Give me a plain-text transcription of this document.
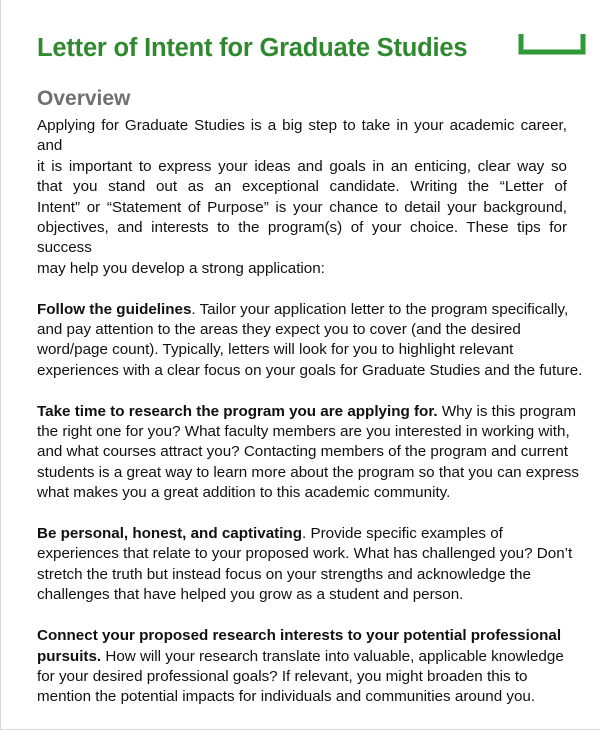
Letter of Intent for Graduate Studies
Overview

Applying for Graduate Studies is a big step to take in your academic career, and
it is important to express your ideas and goals in an enticing, clear way so
that you stand out as an exceptional candidate. Writing the “Letter of
Intent” or “Statement of Purpose” is your chance to detail your background,
objectives, and interests to the program(s) of your choice. These tips for success
may help you develop a strong application:

Follow the guidelines. Tailor your application letter to the program specifically,
and pay attention to the areas they expect you to cover (and the desired
word/page count). Typically, letters will look for you to highlight relevant
experiences with a clear focus on your goals for Graduate Studies and the future.

Take time to research the program you are applying for. Why is this program
the right one for you? What faculty members are you interested in working with,
and what courses attract you? Contacting members of the program and current
students is a great way to learn more about the program so that you can express
what makes you a great addition to this academic community.

Be personal, honest, and captivating. Provide specific examples of
experiences that relate to your proposed work. What has challenged you? Don’t
stretch the truth but instead focus on your strengths and acknowledge the
challenges that have helped you grow as a student and person.

Connect your proposed research interests to your potential professional
pursuits. How will your research translate into valuable, applicable knowledge
for your desired professional goals? If relevant, you might broaden this to
mention the potential impacts for individuals and communities around you.
